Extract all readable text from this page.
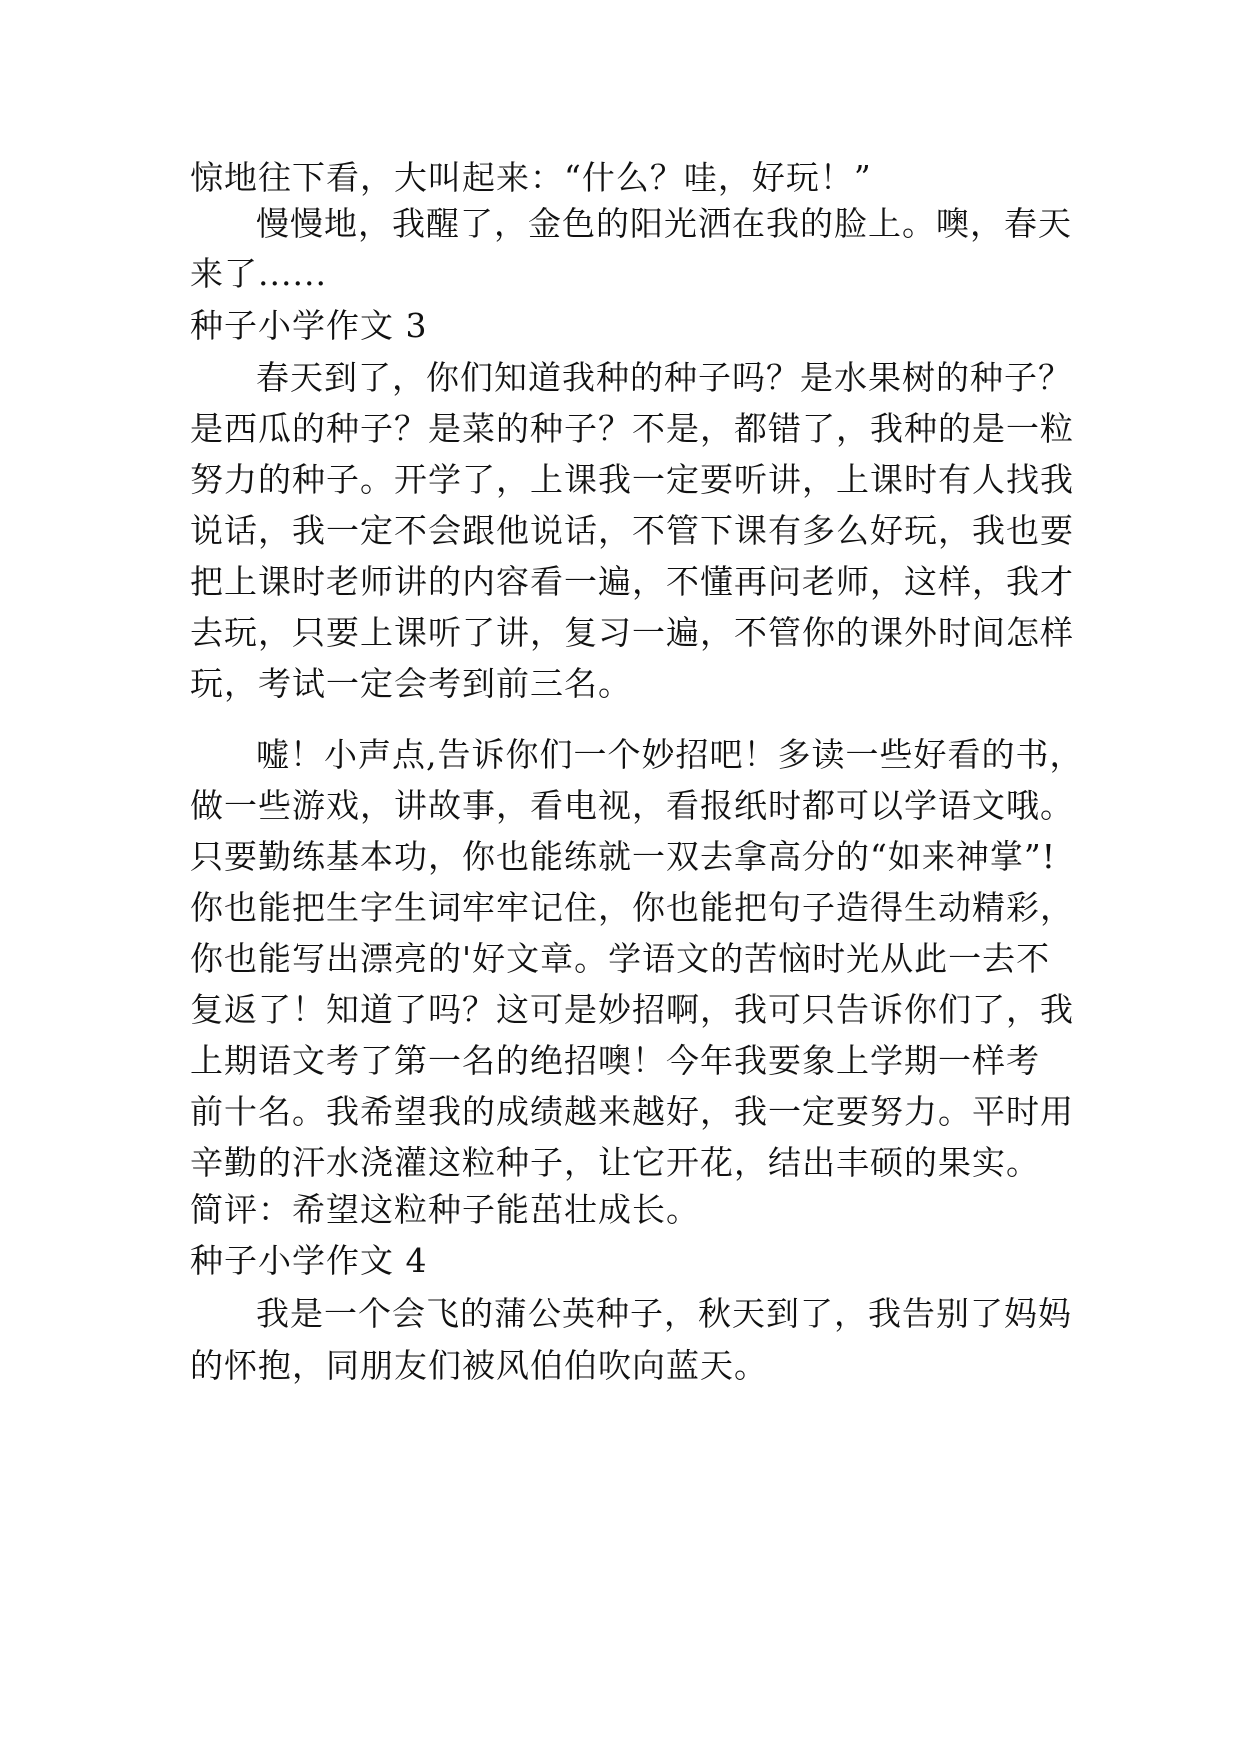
惊地往下看，大叫起来：“什么？哇，好玩！”
慢慢地，我醒了，金色的阳光洒在我的脸上。噢，春天
来了......
种子小学作文 3
春天到了，你们知道我种的种子吗？是水果树的种子？
是西瓜的种子？是菜的种子？不是，都错了，我种的是一粒
努力的种子。开学了，上课我一定要听讲，上课时有人找我
说话，我一定不会跟他说话，不管下课有多么好玩，我也要
把上课时老师讲的内容看一遍，不懂再问老师，这样，我才
去玩，只要上课听了讲，复习一遍，不管你的课外时间怎样
玩，考试一定会考到前三名。
嘘！小声点,告诉你们一个妙招吧！多读一些好看的书，
做一些游戏，讲故事，看电视，看报纸时都可以学语文哦。
只要勤练基本功，你也能练就一双去拿高分的“如来神掌”!
你也能把生字生词牢牢记住，你也能把句子造得生动精彩，
你也能写出漂亮的'好文章。学语文的苦恼时光从此一去不
复返了！知道了吗？这可是妙招啊，我可只告诉你们了，我
上期语文考了第一名的绝招噢！今年我要象上学期一样考
前十名。我希望我的成绩越来越好，我一定要努力。平时用
辛勤的汗水浇灌这粒种子，让它开花，结出丰硕的果实。
简评：希望这粒种子能茁壮成长。
种子小学作文 4
我是一个会飞的蒲公英种子，秋天到了，我告别了妈妈
的怀抱，同朋友们被风伯伯吹向蓝天。
